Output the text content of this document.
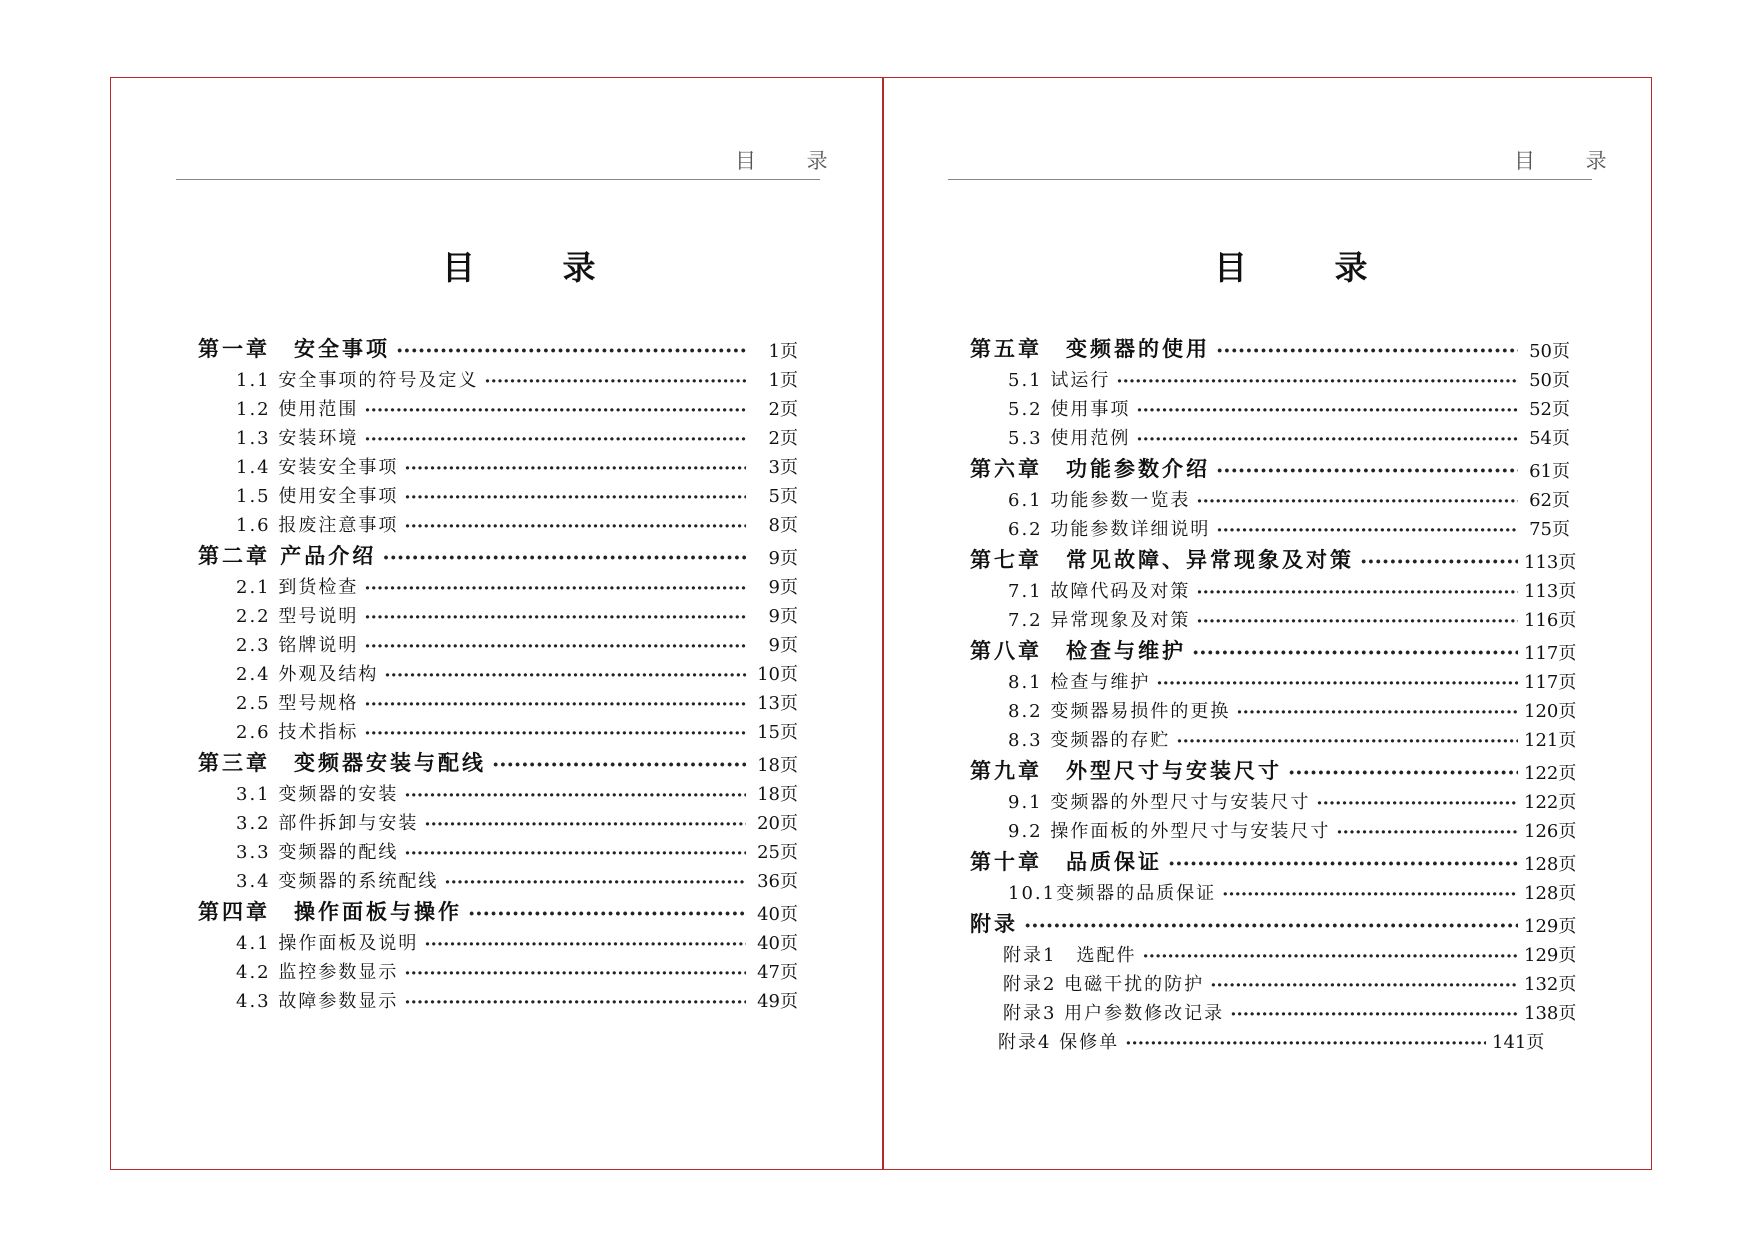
目 录
目 录
第一章　安全事项 ·····	1页
1.1 安全事项的符号及定义 ·····	1页
1.2 使用范围 ·····	2页
1.3 安装环境 ·····	2页
1.4 安装安全事项 ·····	3页
1.5 使用安全事项 ·····	5页
1.6 报废注意事项 ·····	8页
第二章 产品介绍 ·····	9页
2.1 到货检查 ·····	9页
2.2 型号说明 ·····	9页
2.3 铭牌说明 ·····	9页
2.4 外观及结构 ·····	10页
2.5 型号规格 ·····	13页
2.6 技术指标 ·····	15页
第三章　变频器安装与配线 ·····	18页
3.1 变频器的安装 ·····	18页
3.2 部件拆卸与安装 ·····	20页
3.3 变频器的配线 ·····	25页
3.4 变频器的系统配线 ·····	36页
第四章　操作面板与操作 ·····	40页
4.1 操作面板及说明 ·····	40页
4.2 监控参数显示 ·····	47页
4.3 故障参数显示 ·····	49页
目 录
目 录
第五章　变频器的使用 ·····	50页
5.1 试运行 ·····	50页
5.2 使用事项 ·····	52页
5.3 使用范例 ·····	54页
第六章　功能参数介绍 ·····	61页
6.1 功能参数一览表 ·····	62页
6.2 功能参数详细说明 ·····	75页
第七章　常见故障、异常现象及对策 ·····	113页
7.1 故障代码及对策 ·····	113页
7.2 异常现象及对策 ·····	116页
第八章　检查与维护 ·····	117页
8.1 检查与维护 ·····	117页
8.2 变频器易损件的更换 ·····	120页
8.3 变频器的存贮 ·····	121页
第九章　外型尺寸与安装尺寸 ·····	122页
9.1 变频器的外型尺寸与安装尺寸 ·····	122页
9.2 操作面板的外型尺寸与安装尺寸 ·····	126页
第十章　品质保证 ·····	128页
10.1变频器的品质保证 ·····	128页
附录 ·····	129页
附录1　选配件 ·····	129页
附录2 电磁干扰的防护 ·····	132页
附录3 用户参数修改记录 ·····	138页
附录4 保修单 ·····	141页
